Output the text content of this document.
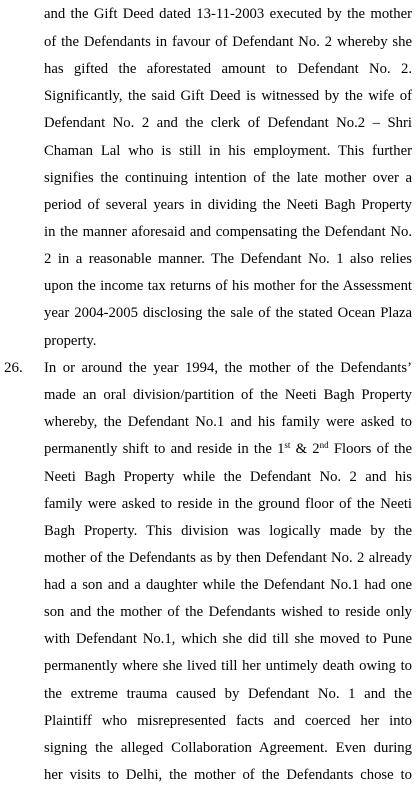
and the Gift Deed dated 13-11-2003 executed by the mother

of the Defendants in favour of Defendant No. 2 whereby she

has gifted the aforestated amount to Defendant No. 2.

Significantly, the said Gift Deed is witnessed by the wife of

Defendant No. 2 and the clerk of Defendant No.2 – Shri

Chaman Lal who is still in his employment. This further

signifies the continuing intention of the late mother over a

period of several years in dividing the Neeti Bagh Property

in the manner aforesaid and compensating the Defendant No.

2 in a reasonable manner. The Defendant No. 1 also relies

upon the income tax returns of his mother for the Assessment

year 2004-2005 disclosing the sale of the stated Ocean Plaza

property.

26. In or around the year 1994, the mother of the Defendants’

made an oral division/partition of the Neeti Bagh Property

whereby, the Defendant No.1 and his family were asked to

permanently shift to and reside in the 1st & 2nd Floors of the

Neeti Bagh Property while the Defendant No. 2 and his

family were asked to reside in the ground floor of the Neeti

Bagh Property. This division was logically made by the

mother of the Defendants as by then Defendant No. 2 already

had a son and a daughter while the Defendant No.1 had one

son and the mother of the Defendants wished to reside only

with Defendant No.1, which she did till she moved to Pune

permanently where she lived till her untimely death owing to

the extreme trauma caused by Defendant No. 1 and the

Plaintiff who misrepresented facts and coerced her into

signing the alleged Collaboration Agreement. Even during

her visits to Delhi, the mother of the Defendants chose to
